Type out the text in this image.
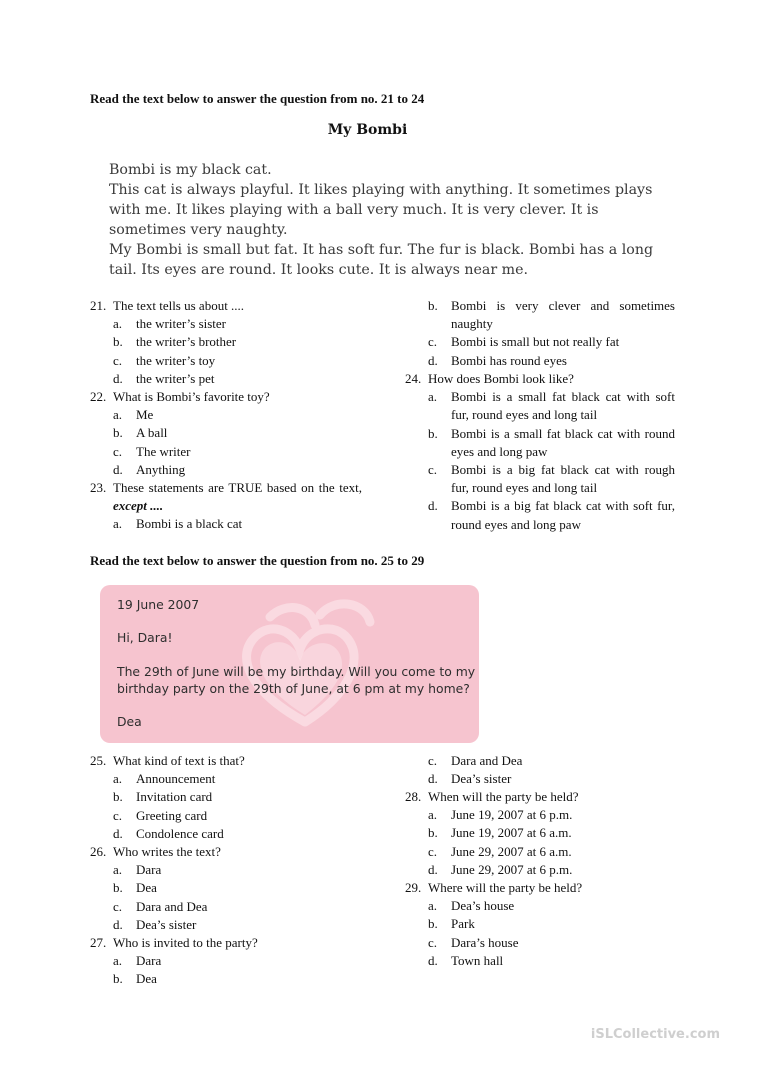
Read the text below to answer the question from no. 21 to 24
My Bombi

Bombi is my black cat.

This cat is always playful. It likes playing with anything. It sometimes plays with me. It likes playing with a ball very much. It is very clever. It is sometimes very naughty.

My Bombi is small but fat. It has soft fur. The fur is black. Bombi has a long tail. Its eyes are round. It looks cute. It is always near me.

21. The text tells us about ....
a.	the writer’s sister
b.	the writer’s brother
c.	the writer’s toy
d.	the writer’s pet
22. What is Bombi’s favorite toy?
a.	Me
b.	A ball
c.	The writer
d.	Anything
23. These statements are TRUE based on the text, except ....
a.	Bombi is a black cat
b.	Bombi is very clever and sometimes naughty
c.	Bombi is small but not really fat
d.	Bombi has round eyes
24. How does Bombi look like?
a.	Bombi is a small fat black cat with soft fur, round eyes and long tail
b.	Bombi is a small fat black cat with round eyes and long paw
c.	Bombi is a big fat black cat with rough fur, round eyes and long tail
d.	Bombi is a big fat black cat with soft fur, round eyes and long paw
Read the text below to answer the question from no. 25 to 29
19 June 2007
Hi, Dara!
The 29th of June will be my birthday. Will you come to my
birthday party on the 29th of June, at 6 pm at my home?
Dea
25. What kind of text is that?
a.	Announcement
b.	Invitation card
c.	Greeting card
d.	Condolence card
26. Who writes the text?
a.	Dara
b.	Dea
c.	Dara and Dea
d.	Dea’s sister
27. Who is invited to the party?
a.	Dara
b.	Dea
c.	Dara and Dea
d.	Dea’s sister
28. When will the party be held?
a.	June 19, 2007 at 6 p.m.
b.	June 19, 2007 at 6 a.m.
c.	June 29, 2007 at 6 a.m.
d.	June 29, 2007 at 6 p.m.
29. Where will the party be held?
a.	Dea’s house
b.	Park
c.	Dara’s house
d.	Town hall
iSLCollective.com
